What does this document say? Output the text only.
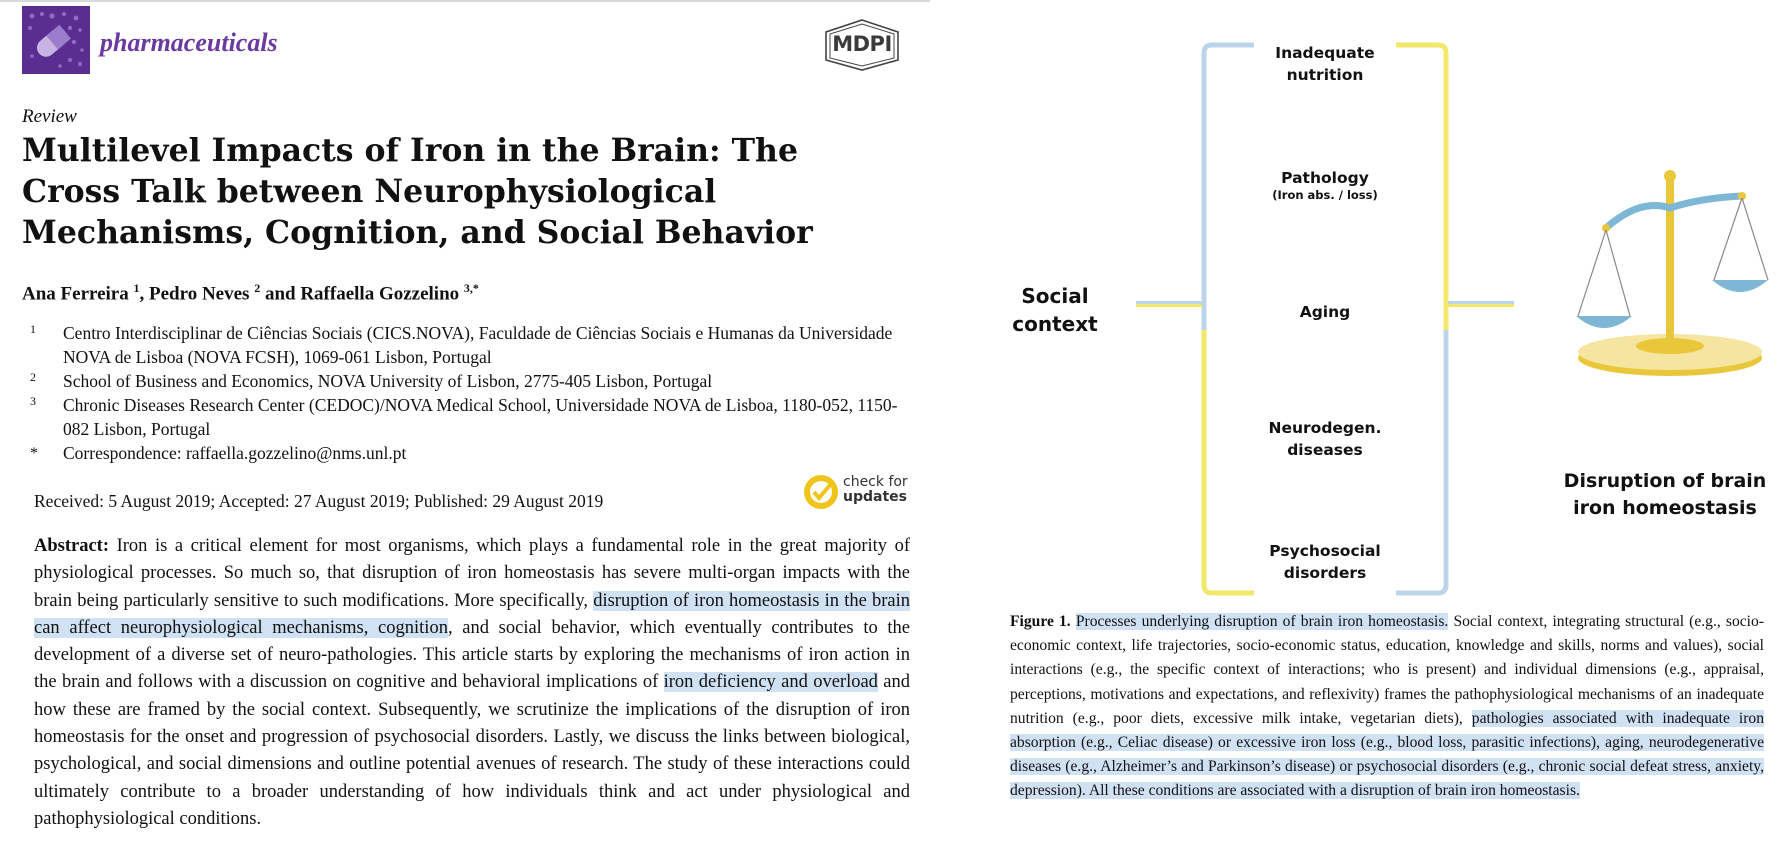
pharmaceuticals	MDPI
Review
Multilevel Impacts of Iron in the Brain: The Cross Talk between Neurophysiological Mechanisms, Cognition, and Social Behavior
Ana Ferreira $^1$, Pedro Neves $^2$ and Raffaella Gozzelino $^{3,*}$
1 Centro Interdisciplinar de Ciências Sociais (CICS.NOVA), Faculdade de Ciências Sociais e Humanas da Universidade NOVA de Lisboa (NOVA FCSH), 1069-061 Lisbon, Portugal
2 School of Business and Economics, NOVA University of Lisbon, 2775-405 Lisbon, Portugal
3 Chronic Diseases Research Center (CEDOC)/NOVA Medical School, Universidade NOVA de Lisboa, 1180-052, 1150-082 Lisbon, Portugal
* Correspondence: raffaella.gozzelino@nms.unl.pt
Received: 5 August 2019; Accepted: 27 August 2019; Published: 29 August 2019
check for
updates
Abstract: Iron is a critical element for most organisms, which plays a fundamental role in the great majority of physiological processes. So much so, that disruption of iron homeostasis has severe multi-organ impacts with the brain being particularly sensitive to such modifications. More specifically, disruption of iron homeostasis in the brain can affect neurophysiological mechanisms, cognition, and social behavior, which eventually contributes to the development of a diverse set of neuro-pathologies. This article starts by exploring the mechanisms of iron action in the brain and follows with a discussion on cognitive and behavioral implications of iron deficiency and overload and how these are framed by the social context. Subsequently, we scrutinize the implications of the disruption of iron homeostasis for the onset and progression of psychosocial disorders. Lastly, we discuss the links between biological, psychological, and social dimensions and outline potential avenues of research. The study of these interactions could ultimately contribute to a broader understanding of how individuals think and act under physiological and pathophysiological conditions.
Social
context
Inadequate
nutrition
Pathology
(Iron abs. / loss)
Aging
Neurodegen.
diseases
Psychosocial
disorders
Disruption of brain
iron homeostasis
Figure 1. Processes underlying disruption of brain iron homeostasis. Social context, integrating structural (e.g., socio-economic context, life trajectories, socio-economic status, education, knowledge and skills, norms and values), social interactions (e.g., the specific context of interactions; who is present) and individual dimensions (e.g., appraisal, perceptions, motivations and expectations, and reflexivity) frames the pathophysiological mechanisms of an inadequate nutrition (e.g., poor diets, excessive milk intake, vegetarian diets), pathologies associated with inadequate iron absorption (e.g., Celiac disease) or excessive iron loss (e.g., blood loss, parasitic infections), aging, neurodegenerative diseases (e.g., Alzheimer’s and Parkinson’s disease) or psychosocial disorders (e.g., chronic social defeat stress, anxiety, depression). All these conditions are associated with a disruption of brain iron homeostasis.
